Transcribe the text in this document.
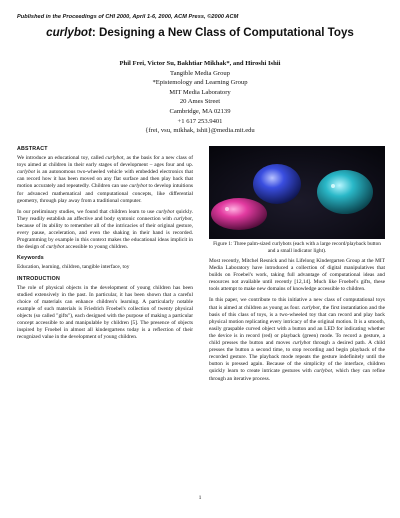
Published in the Proceedings of CHI 2000, April 1-6, 2000, ACM Press, ©2000 ACM
curlybot: Designing a New Class of Computational Toys
Phil Frei, Victor Su, Bakhtiar Mikhak*, and Hiroshi Ishii
Tangible Media Group
*Epistemology and Learning Group
MIT Media Laboratory
20 Ames Street
Cambridge, MA 02139
+1 617 253.9401
{frei, vsu, mikhak, ishii}@media.mit.edu
ABSTRACT
We introduce an educational toy, called curlybot, as the basis for a new class of toys aimed at children in their early stages of development – ages four and up. curlybot is an autonomous two-wheeled vehicle with embedded electronics that can record how it has been moved on any flat surface and then play back that motion accurately and repeatedly. Children can use curlybot to develop intuitions for advanced mathematical and computational concepts, like differential geometry, through play away from a traditional computer.
In our preliminary studies, we found that children learn to use curlybot quickly. They readily establish an affective and body syntonic connection with curlybot, because of its ability to remember all of the intricacies of their original gesture, every pause, acceleration, and even the shaking in their hand is recorded. Programming by example in this context makes the educational ideas implicit in the design of curlybot accessible to young children.
Keywords
Education, learning, children, tangible interface, toy
INTRODUCTION
The role of physical objects in the development of young children has been studied extensively in the past. In particular, it has been shown that a careful choice of materials can enhance children's learning. A particularly notable example of such materials is Friedrich Froebel's collection of twenty physical objects (so called "gifts"), each designed with the purpose of making a particular concept accessible to and manipulable by children [5]. The presence of objects inspired by Froebel in almost all kindergartens today is a reflection of their recognized value in the development of young children.
Figure 1: Three palm-sized curlybots (each with a large record/playback button and a small indicator light).
Most recently, Mitchel Resnick and his Lifelong Kindergarten Group at the MIT Media Laboratory have introduced a collection of digital manipulatives that builds on Froebel's work, taking full advantage of computational ideas and resources not available until recently [12,14]. Much like Froebel's gifts, these tools attempt to make new domains of knowledge accessible to children.
In this paper, we contribute to this initiative a new class of computational toys that is aimed at children as young as four. curlybot, the first instantiation and the basis of this class of toys, is a two-wheeled toy that can record and play back physical motion replicating every intricacy of the original motion. It is a smooth, easily graspable curved object with a button and an LED for indicating whether the device is in record (red) or playback (green) mode. To record a gesture, a child presses the button and moves curlybot through a desired path. A child presses the button a second time, to stop recording and begin playback of the recorded gesture. The playback mode repeats the gesture indefinitely until the button is pressed again. Because of the simplicity of the interface, children quickly learn to create intricate gestures with curlybot, which they can refine through an iterative process.
1
